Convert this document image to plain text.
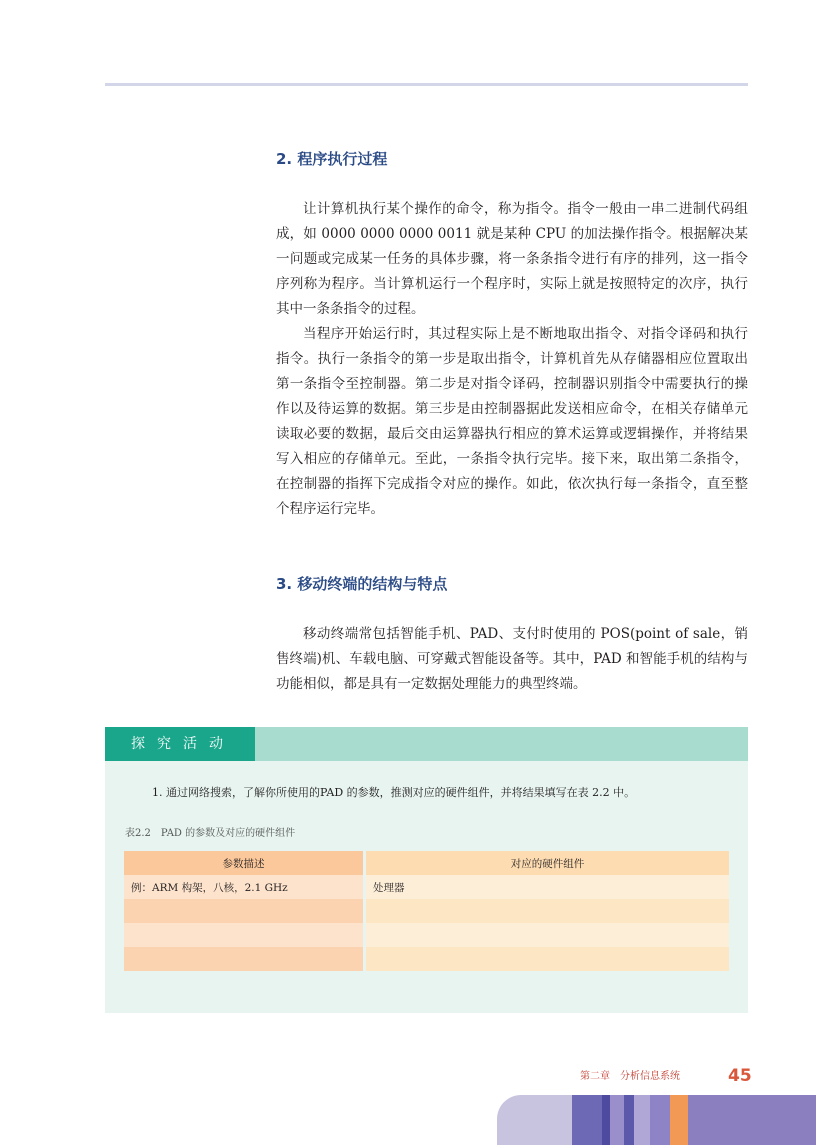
2. 程序执行过程

让计算机执行某个操作的命令，称为指令。指令一般由一串二进制代码组成，如 0000 0000 0000 0011 就是某种 CPU 的加法操作指令。根据解决某一问题或完成某一任务的具体步骤，将一条条指令进行有序的排列，这一指令序列称为程序。当计算机运行一个程序时，实际上就是按照特定的次序，执行其中一条条指令的过程。

当程序开始运行时，其过程实际上是不断地取出指令、对指令译码和执行指令。执行一条指令的第一步是取出指令，计算机首先从存储器相应位置取出第一条指令至控制器。第二步是对指令译码，控制器识别指令中需要执行的操作以及待运算的数据。第三步是由控制器据此发送相应命令，在相关存储单元读取必要的数据，最后交由运算器执行相应的算术运算或逻辑操作，并将结果写入相应的存储单元。至此，一条指令执行完毕。接下来，取出第二条指令，在控制器的指挥下完成指令对应的操作。如此，依次执行每一条指令，直至整个程序运行完毕。

3. 移动终端的结构与特点

移动终端常包括智能手机、PAD、支付时使用的 POS(point of sale，销售终端)机、车载电脑、可穿戴式智能设备等。其中，PAD 和智能手机的结构与功能相似，都是具有一定数据处理能力的典型终端。

探究活动
1. 通过网络搜索，了解你所使用的PAD 的参数，推测对应的硬件组件，并将结果填写在表 2.2 中。
表2.2　PAD 的参数及对应的硬件组件
参数描述		对应的硬件组件
例：ARM 构架，八核，2.1 GHz		处理器

第二章　分析信息系统	45
